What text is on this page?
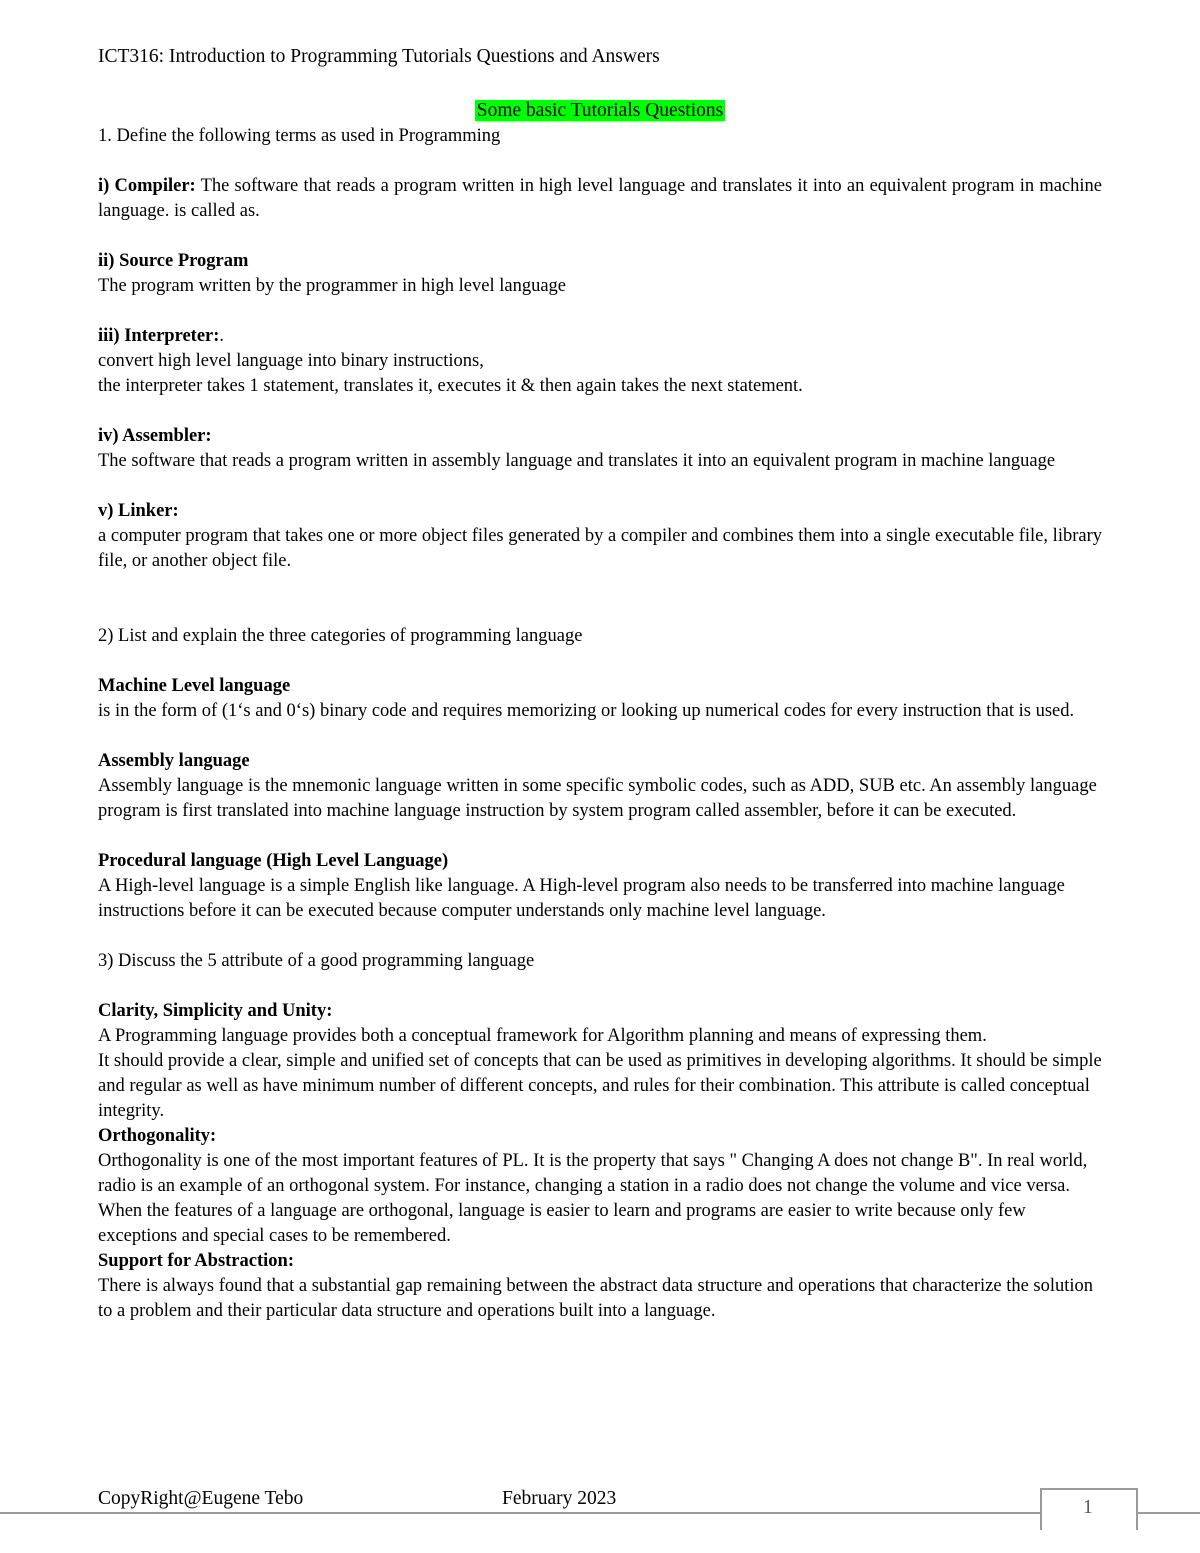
ICT316: Introduction to Programming Tutorials Questions and Answers

Some basic Tutorials Questions

1. Define the following terms as used in Programming

i) Compiler: The software that reads a program written in high level language and translates it into an equivalent program in machine language. is called as.

ii) Source Program

The program written by the programmer in high level language

iii) Interpreter:.

convert high level language into binary instructions,

the interpreter takes 1 statement, translates it, executes it & then again takes the next statement.

iv) Assembler:

The software that reads a program written in assembly language and translates it into an equivalent program in machine language

v) Linker:

a computer program that takes one or more object files generated by a compiler and combines them into a single executable file, library file, or another object file.

2) List and explain the three categories of programming language

Machine Level language

is in the form of (1‘s and 0‘s) binary code and requires memorizing or looking up numerical codes for every instruction that is used.

Assembly language

Assembly language is the mnemonic language written in some specific symbolic codes, such as ADD, SUB etc. An assembly language program is first translated into machine language instruction by system program called assembler, before it can be executed.

Procedural language (High Level Language)

A High-level language is a simple English like language. A High-level program also needs to be transferred into machine language instructions before it can be executed because computer understands only machine level language.

3) Discuss the 5 attribute of a good programming language

Clarity, Simplicity and Unity:

A Programming language provides both a conceptual framework for Algorithm planning and means of expressing them.

It should provide a clear, simple and unified set of concepts that can be used as primitives in developing algorithms. It should be simple and regular as well as have minimum number of different concepts, and rules for their combination. This attribute is called conceptual integrity.

Orthogonality:

Orthogonality is one of the most important features of PL. It is the property that says " Changing A does not change B". In real world, radio is an example of an orthogonal system. For instance, changing a station in a radio does not change the volume and vice versa. When the features of a language are orthogonal, language is easier to learn and programs are easier to write because only few exceptions and special cases to be remembered.

Support for Abstraction:

There is always found that a substantial gap remaining between the abstract data structure and operations that characterize the solution to a problem and their particular data structure and operations built into a language.

CopyRight@Eugene Tebo	February 2023	1
